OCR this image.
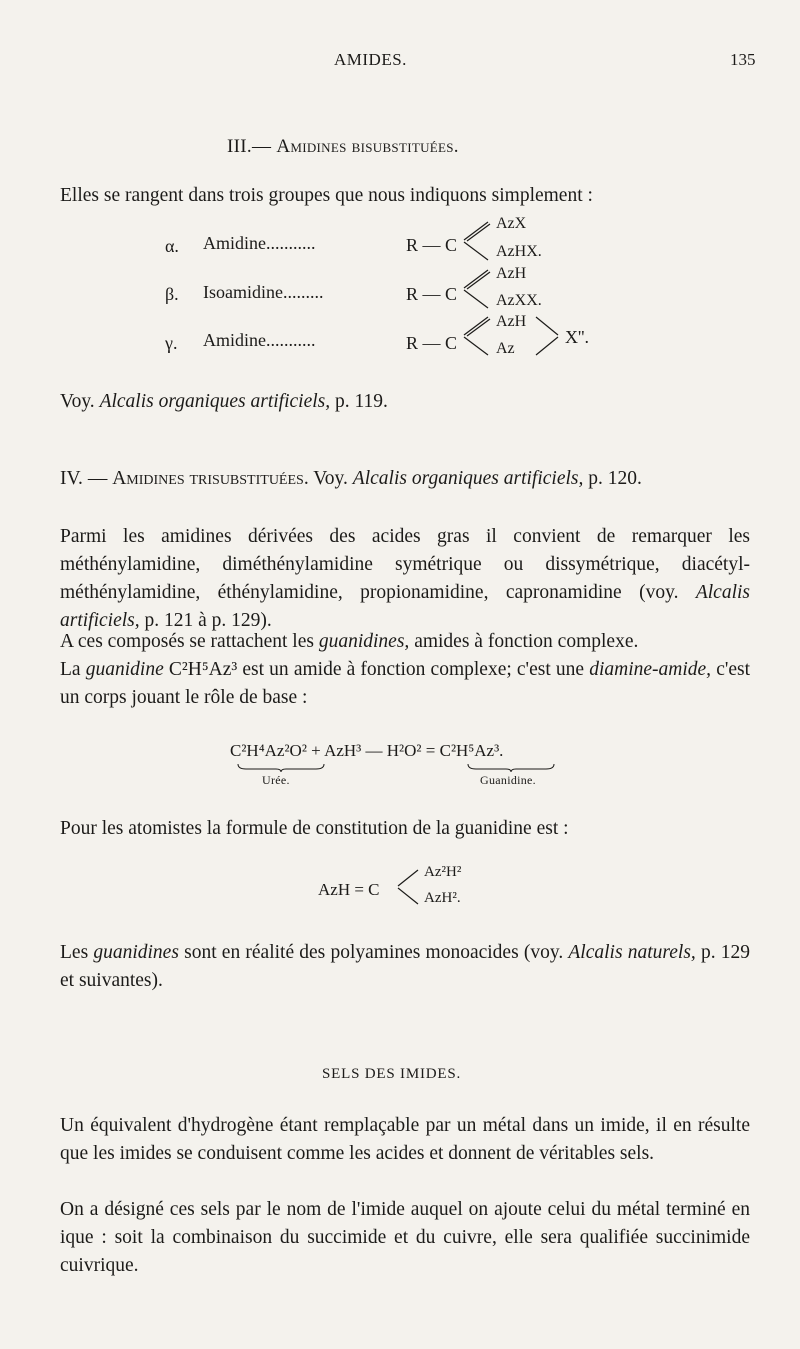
AMIDES.	135
III.— Amidines bisubstituées.
Elles se rangent dans trois groupes que nous indiquons simplement :
α. Amidine...........	R — C
AzX
AzHX.
β. Isoamidine.........	R — C
AzH
AzXX.
γ. Amidine...........	R — C
AzH
Az
X''.
Voy. Alcalis organiques artificiels, p. 119.
IV. — Amidines trisubstituées. Voy. Alcalis organiques artificiels, p. 120.
Parmi les amidines dérivées des acides gras il convient de remarquer les méthénylamidine, diméthénylamidine symétrique ou dissymétrique, diacétyl-méthénylamidine, éthénylamidine, propionamidine, capronamidine (voy. Alcalis artificiels, p. 121 à p. 129).
A ces composés se rattachent les guanidines, amides à fonction complexe.
La guanidine C²H⁵Az³ est un amide à fonction complexe; c'est une diamine-amide, c'est un corps jouant le rôle de base :
C²H⁴Az²O² + AzH³ — H²O² = C²H⁵Az³.
Urée.	Guanidine.
Pour les atomistes la formule de constitution de la guanidine est :
AzH = C
Az²H²
AzH².
Les guanidines sont en réalité des polyamines monoacides (voy. Alcalis naturels, p. 129 et suivantes).
SELS DES IMIDES.
Un équivalent d'hydrogène étant remplaçable par un métal dans un imide, il en résulte que les imides se conduisent comme les acides et donnent de véritables sels.
On a désigné ces sels par le nom de l'imide auquel on ajoute celui du métal terminé en ique : soit la combinaison du succimide et du cuivre, elle sera qualifiée succinimide cuivrique.
